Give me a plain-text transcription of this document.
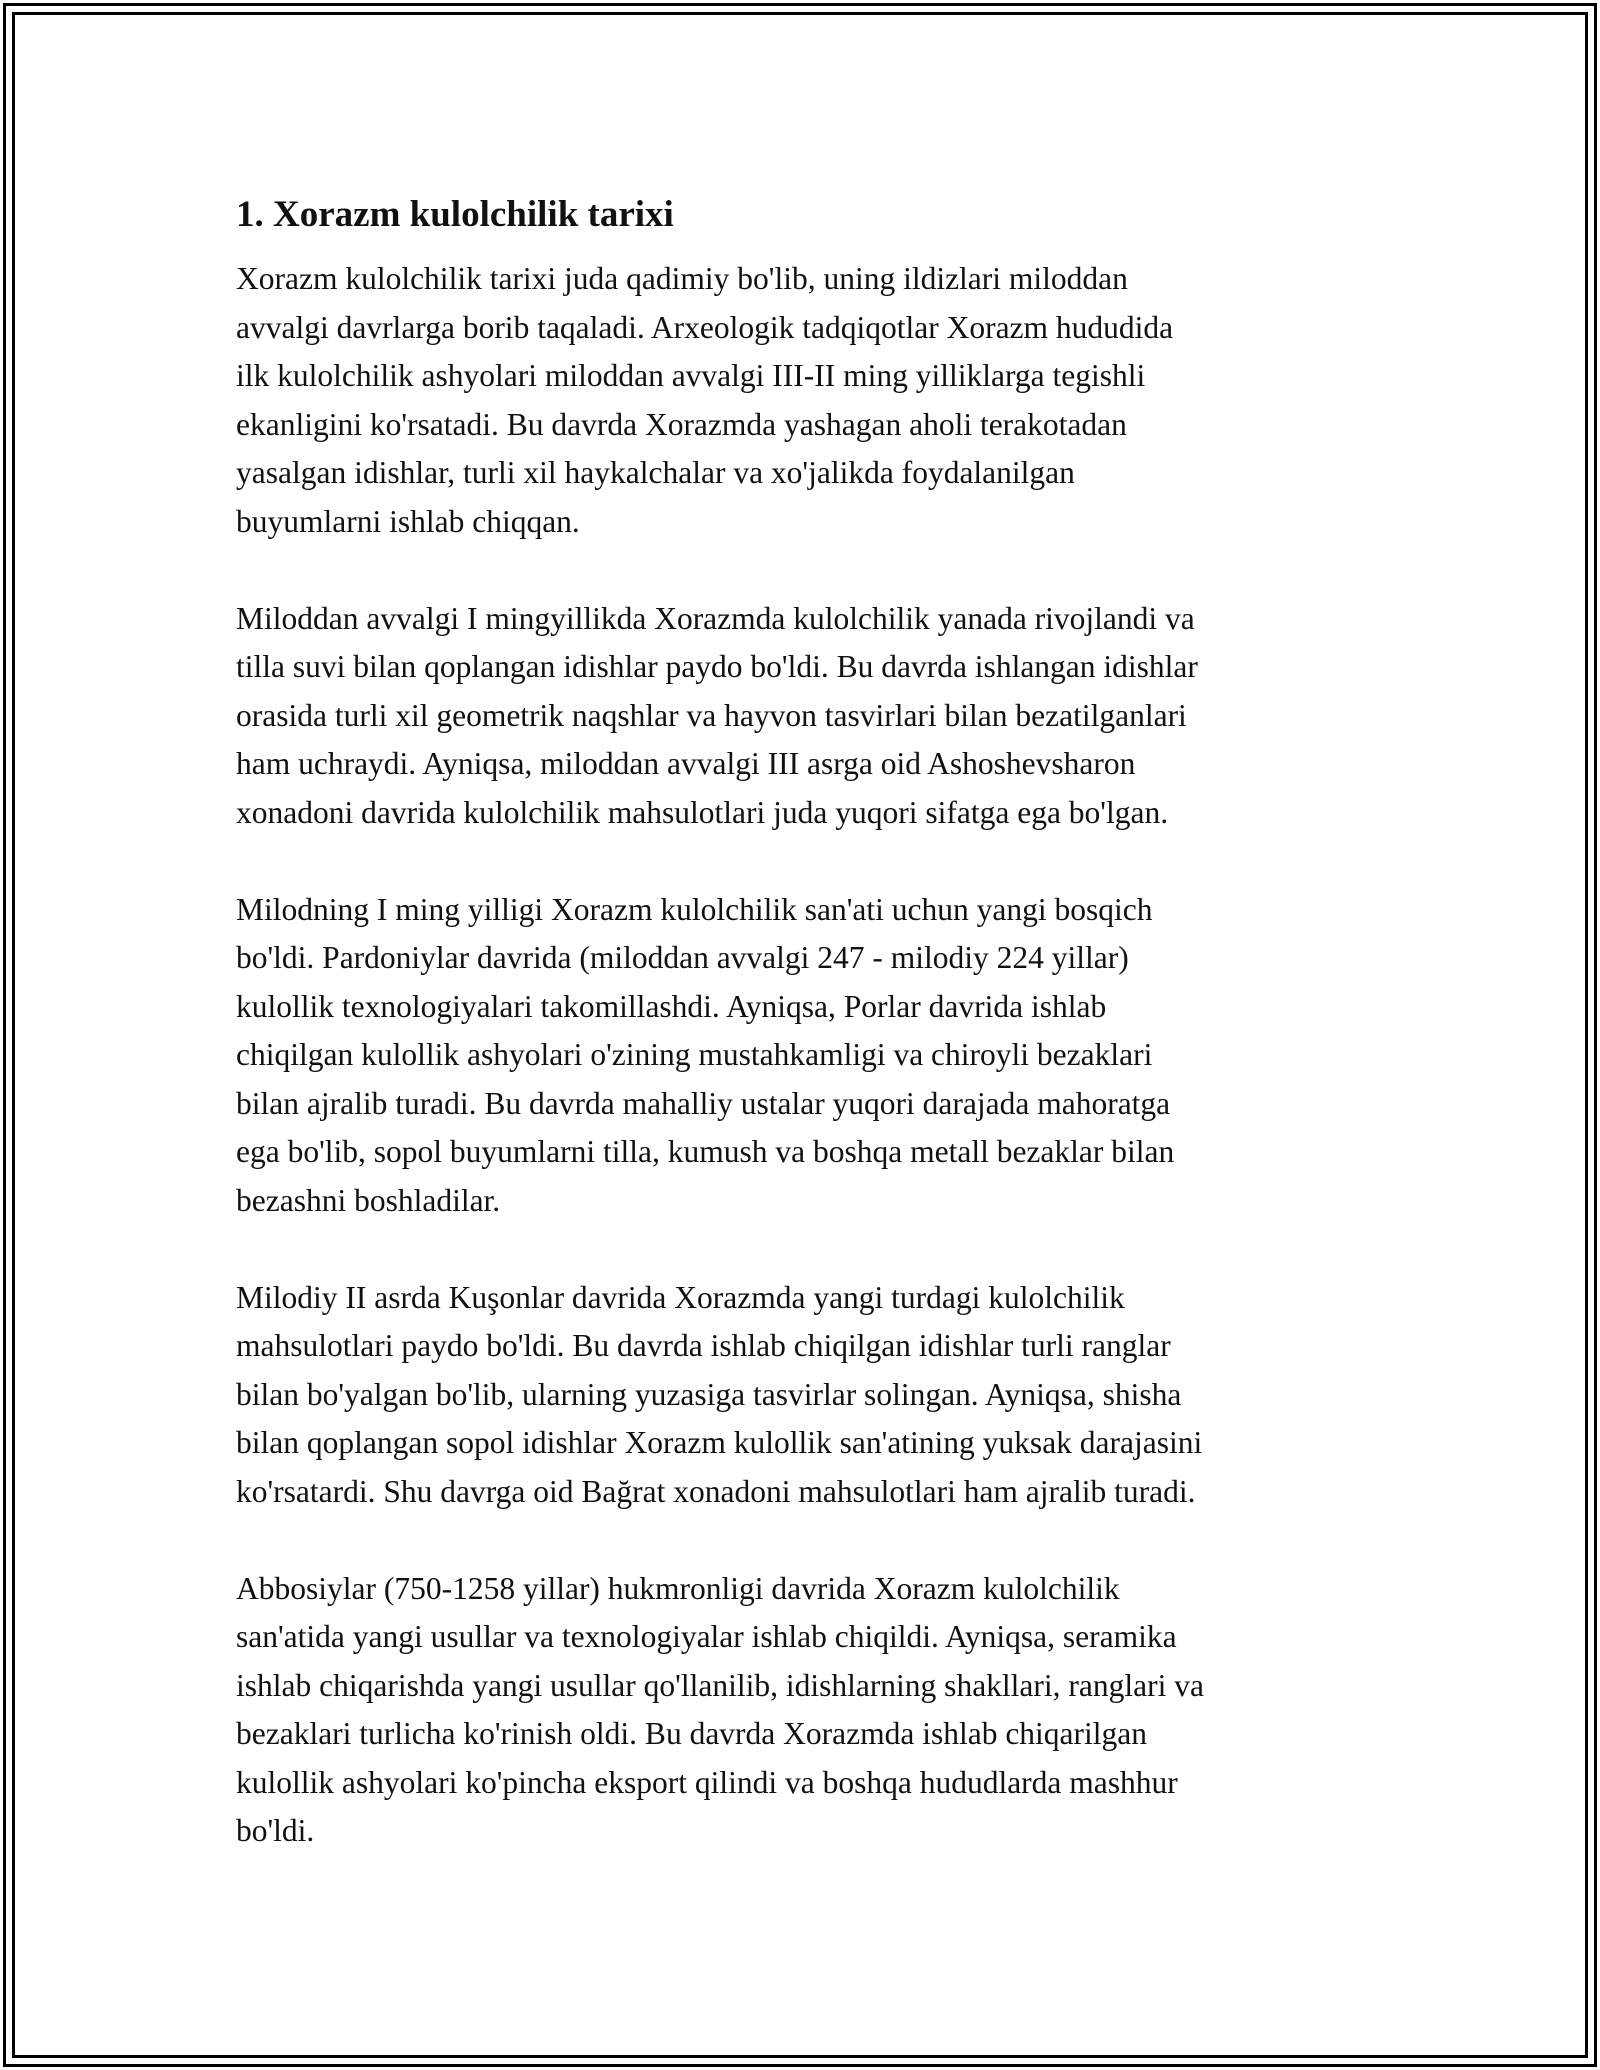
1. Xorazm kulolchilik tarixi

Xorazm kulolchilik tarixi juda qadimiy bo'lib, uning ildizlari miloddan
avvalgi davrlarga borib taqaladi. Arxeologik tadqiqotlar Xorazm hududida
ilk kulolchilik ashyolari miloddan avvalgi III-II ming yilliklarga tegishli
ekanligini ko'rsatadi. Bu davrda Xorazmda yashagan aholi terakotadan
yasalgan idishlar, turli xil haykalchalar va xo'jalikda foydalanilgan
buyumlarni ishlab chiqqan.

Miloddan avvalgi I mingyillikda Xorazmda kulolchilik yanada rivojlandi va
tilla suvi bilan qoplangan idishlar paydo bo'ldi. Bu davrda ishlangan idishlar
orasida turli xil geometrik naqshlar va hayvon tasvirlari bilan bezatilganlari
ham uchraydi. Ayniqsa, miloddan avvalgi III asrga oid Ashoshevsharon
xonadoni davrida kulolchilik mahsulotlari juda yuqori sifatga ega bo'lgan.

Milodning I ming yilligi Xorazm kulolchilik san'ati uchun yangi bosqich
bo'ldi. Pardoniylar davrida (miloddan avvalgi 247 - milodiy 224 yillar)
kulollik texnologiyalari takomillashdi. Ayniqsa, Porlar davrida ishlab
chiqilgan kulollik ashyolari o'zining mustahkamligi va chiroyli bezaklari
bilan ajralib turadi. Bu davrda mahalliy ustalar yuqori darajada mahoratga
ega bo'lib, sopol buyumlarni tilla, kumush va boshqa metall bezaklar bilan
bezashni boshladilar.

Milodiy II asrda Kuşonlar davrida Xorazmda yangi turdagi kulolchilik
mahsulotlari paydo bo'ldi. Bu davrda ishlab chiqilgan idishlar turli ranglar
bilan bo'yalgan bo'lib, ularning yuzasiga tasvirlar solingan. Ayniqsa, shisha
bilan qoplangan sopol idishlar Xorazm kulollik san'atining yuksak darajasini
ko'rsatardi. Shu davrga oid Bağrat xonadoni mahsulotlari ham ajralib turadi.

Abbosiylar (750-1258 yillar) hukmronligi davrida Xorazm kulolchilik
san'atida yangi usullar va texnologiyalar ishlab chiqildi. Ayniqsa, seramika
ishlab chiqarishda yangi usullar qo'llanilib, idishlarning shakllari, ranglari va
bezaklari turlicha ko'rinish oldi. Bu davrda Xorazmda ishlab chiqarilgan
kulollik ashyolari ko'pincha eksport qilindi va boshqa hududlarda mashhur
bo'ldi.
